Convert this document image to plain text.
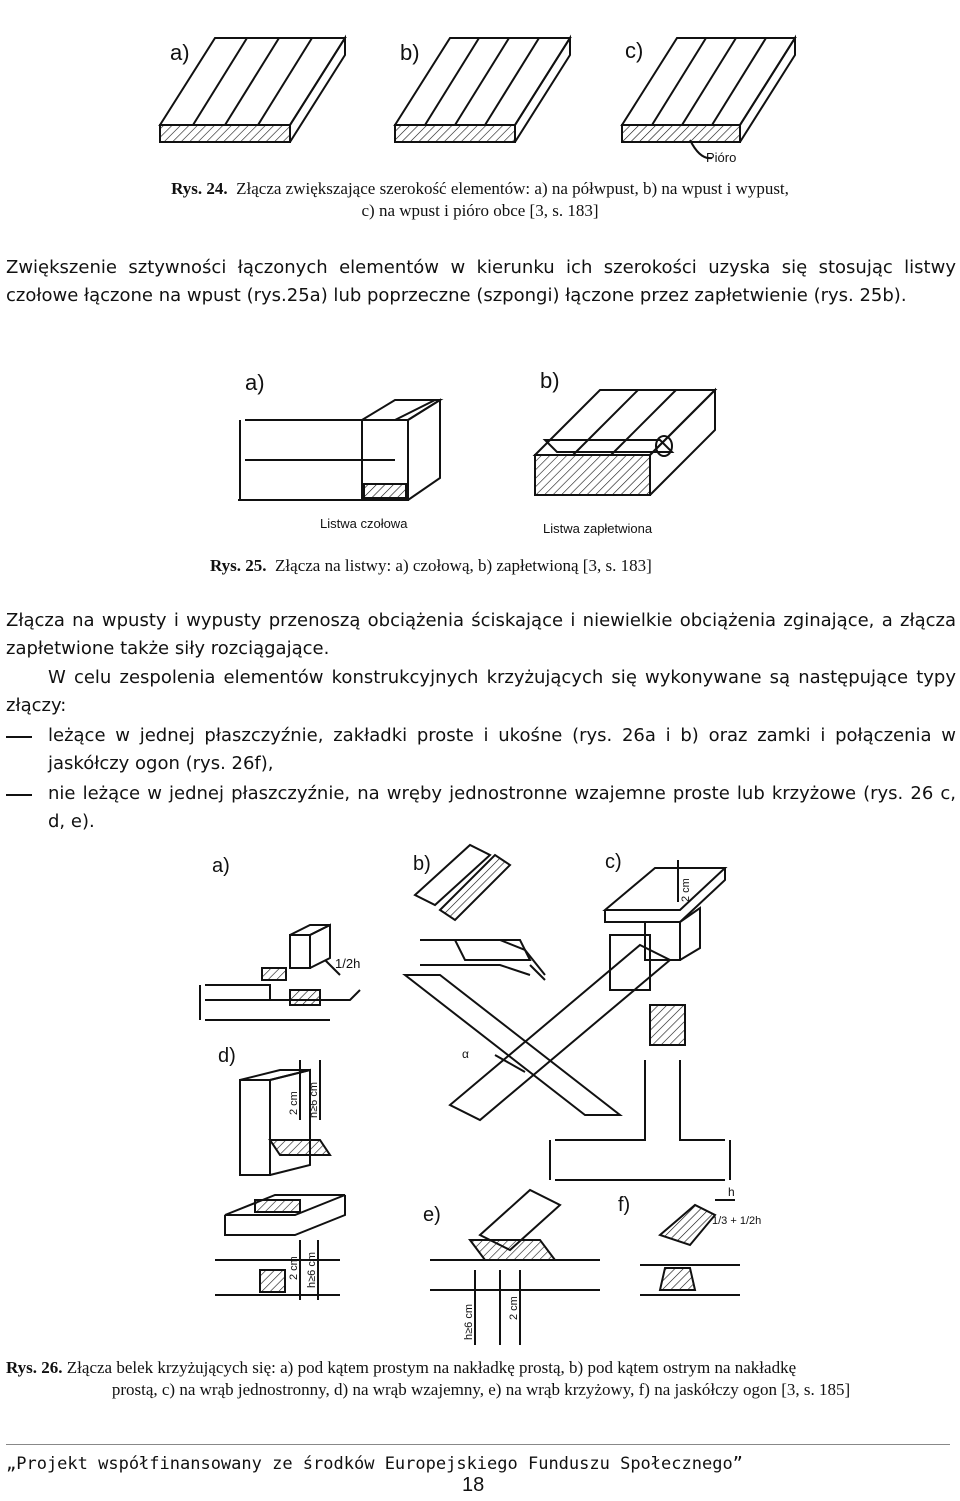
a)	b)	c)
Pióro
Rys. 24. Złącza zwiększające szerokość elementów: a) na półwpust, b) na wpust i wypust,
c) na wpust i pióro obce [3, s. 183]
Zwiększenie sztywności łączonych elementów w kierunku ich szerokości uzyska się stosując listwy czołowe łączone na wpust (rys.25a) lub poprzeczne (szpongi) łączone przez zapłetwienie (rys. 25b).
a)
Listwa czołowa
b)
Listwa zapłetwiona
Rys. 25. Złącza na listwy: a) czołową, b) zapłetwioną [3, s. 183]
Złącza na wpusty i wypusty przenoszą obciążenia ściskające i niewielkie obciążenia zginające, a złącza zapłetwione także siły rozciągające.
W celu zespolenia elementów konstrukcyjnych krzyżujących się wykonywane są następujące typy złączy:
leżące w jednej płaszczyźnie, zakładki proste i ukośne (rys. 26a i b) oraz zamki i połączenia w jaskółczy ogon (rys. 26f),
nie leżące w jednej płaszczyźnie, na wręby jednostronne wzajemne proste lub krzyżowe (rys. 26 c, d, e).
a)	b)	c)
d)
e)	f)
1/2h
2 cm
α
2 cm h≥6 cm
2 cm h≥6 cm
h≥6 cm	2 cm
h
1/3 + 1/2h
Rys. 26. Złącza belek krzyżujących się: a) pod kątem prostym na nakładkę prostą, b) pod kątem ostrym na nakładkę
prostą, c) na wrąb jednostronny, d) na wrąb wzajemny, e) na wrąb krzyżowy, f) na jaskółczy ogon [3, s. 185]
„Projekt współfinansowany ze środków Europejskiego Funduszu Społecznego”
18
